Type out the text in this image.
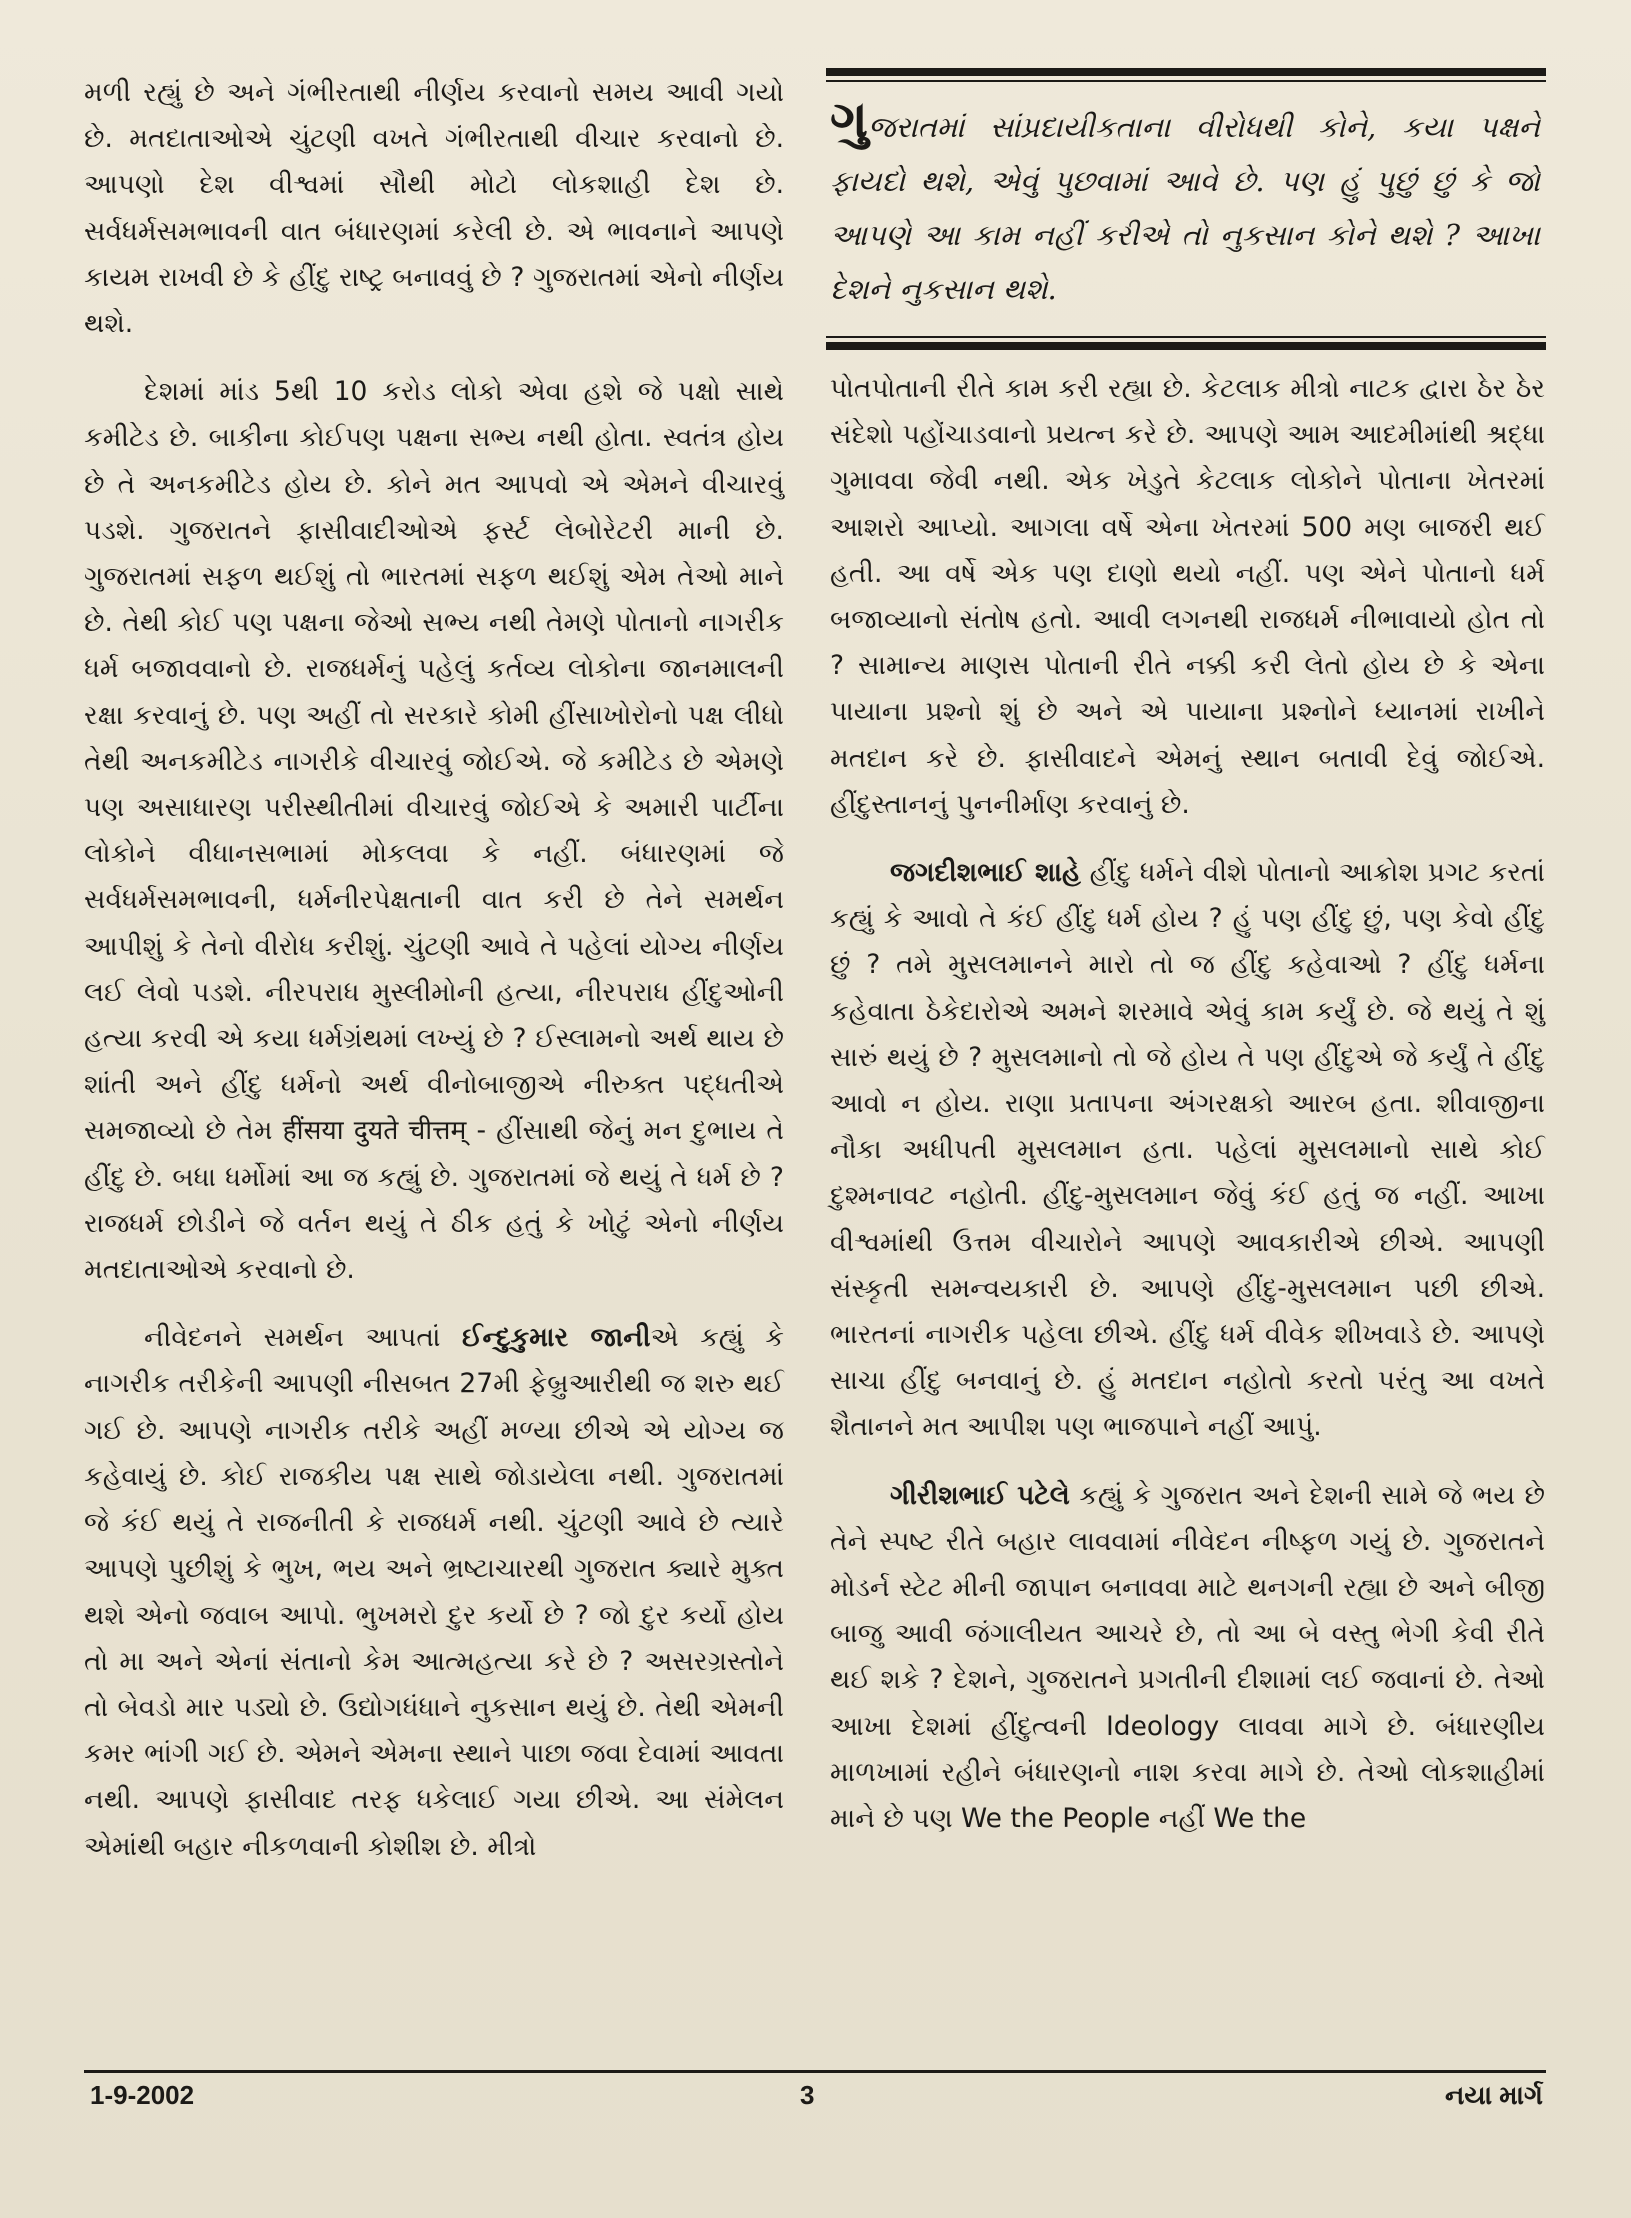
મળી રહ્યું છે અને ગંભીરતાથી નીર્ણય કરવાનો સમય આવી ગયો છે. મતદાતાઓએ ચુંટણી વખતે ગંભીરતાથી વીચાર કરવાનો છે. આપણો દેશ વીશ્વમાં સૌથી મોટો લોકશાહી દેશ છે. સર્વધર્મસમભાવની વાત બંધારણમાં કરેલી છે. એ ભાવનાને આપણે કાયમ રાખવી છે કે હીંદુ રાષ્ટ્ર બનાવવું છે ? ગુજરાતમાં એનો નીર્ણય થશે.

દેશમાં માંડ 5થી 10 કરોડ લોકો એવા હશે જે પક્ષો સાથે કમીટેડ છે. બાકીના કોઈપણ પક્ષના સભ્ય નથી હોતા. સ્વતંત્ર હોય છે તે અનકમીટેડ હોય છે. કોને મત આપવો એ એમને વીચારવું પડશે. ગુજરાતને ફાસીવાદીઓએ ફર્સ્ટ લેબોરેટરી માની છે. ગુજરાતમાં સફળ થઈશું તો ભારતમાં સફળ થઈશું એમ તેઓ માને છે. તેથી કોઈ પણ પક્ષના જેઓ સભ્ય નથી તેમણે પોતાનો નાગરીક ધર્મ બજાવવાનો છે. રાજધર્મનું પહેલું કર્તવ્ય લોકોના જાનમાલની રક્ષા કરવાનું છે. પણ અહીં તો સરકારે કોમી હીંસાખોરોનો પક્ષ લીધો તેથી અનકમીટેડ નાગરીકે વીચારવું જોઈએ. જે કમીટેડ છે એમણે પણ અસાધારણ પરીસ્થીતીમાં વીચારવું જોઈએ કે અમારી પાર્ટીના લોકોને વીધાનસભામાં મોકલવા કે નહીં. બંધારણમાં જે સર્વધર્મસમભાવની, ધર્મનીરપેક્ષતાની વાત કરી છે તેને સમર્થન આપીશું કે તેનો વીરોધ કરીશું. ચુંટણી આવે તે પહેલાં યોગ્ય નીર્ણય લઈ લેવો પડશે. નીરપરાધ મુસ્લીમોની હત્યા, નીરપરાધ હીંદુઓની હત્યા કરવી એ કયા ધર્મગ્રંથમાં લખ્યું છે ? ઈસ્લામનો અર્થ થાય છે શાંતી અને હીંદુ ધર્મનો અર્થ વીનોબાજીએ નીરુક્ત પદ્ધતીએ સમજાવ્યો છે તેમ हींसया दुयते चीत्तम् - હીંસાથી જેનું મન દુભાય તે હીંદુ છે. બધા ધર્મોમાં આ જ કહ્યું છે. ગુજરાતમાં જે થયું તે ધર્મ છે ? રાજધર્મ છોડીને જે વર્તન થયું તે ઠીક હતું કે ખોટું એનો નીર્ણય મતદાતાઓએ કરવાનો છે.

નીવેદનને સમર્થન આપતાં ઈન્દુકુમાર જાનીએ કહ્યું કે નાગરીક તરીકેની આપણી નીસબત 27મી ફેબ્રુઆરીથી જ શરુ થઈ ગઈ છે. આપણે નાગરીક તરીકે અહીં મળ્યા છીએ એ યોગ્ય જ કહેવાયું છે. કોઈ રાજકીય પક્ષ સાથે જોડાયેલા નથી. ગુજરાતમાં જે કંઈ થયું તે રાજનીતી કે રાજધર્મ નથી. ચુંટણી આવે છે ત્યારે આપણે પુછીશું કે ભુખ, ભય અને ભ્રષ્ટાચારથી ગુજરાત ક્યારે મુક્ત થશે એનો જવાબ આપો. ભુખમરો દુર કર્યો છે ? જો દુર કર્યો હોય તો મા અને એનાં સંતાનો કેમ આત્મહત્યા કરે છે ? અસરગ્રસ્તોને તો બેવડો માર પડ્યો છે. ઉદ્યોગધંધાને નુકસાન થયું છે. તેથી એમની કમર ભાંગી ગઈ છે. એમને એમના સ્થાને પાછા જવા દેવામાં આવતા નથી. આપણે ફાસીવાદ તરફ ધકેલાઈ ગયા છીએ. આ સંમેલન એમાંથી બહાર નીકળવાની કોશીશ છે. મીત્રો

ગુજરાતમાં સાંપ્રદાયીકતાના વીરોધથી કોને, કયા પક્ષને ફાયદો થશે, એવું પુછવામાં આવે છે. પણ હું પુછું છું કે જો આપણે આ કામ નહીં કરીએ તો નુકસાન કોને થશે ? આખા દેશને નુકસાન થશે.

પોતપોતાની રીતે કામ કરી રહ્યા છે. કેટલાક મીત્રો નાટક દ્વારા ઠેર ઠેર સંદેશો પહોંચાડવાનો પ્રયત્ન કરે છે. આપણે આમ આદમીમાંથી શ્રદ્ધા ગુમાવવા જેવી નથી. એક ખેડુતે કેટલાક લોકોને પોતાના ખેતરમાં આશરો આપ્યો. આગલા વર્ષે એના ખેતરમાં 500 મણ બાજરી થઈ હતી. આ વર્ષે એક પણ દાણો થયો નહીં. પણ એને પોતાનો ધર્મ બજાવ્યાનો સંતોષ હતો. આવી લગનથી રાજધર્મ નીભાવાયો હોત તો ? સામાન્ય માણસ પોતાની રીતે નક્કી કરી લેતો હોય છે કે એના પાયાના પ્રશ્નો શું છે અને એ પાયાના પ્રશ્નોને ધ્યાનમાં રાખીને મતદાન કરે છે. ફાસીવાદને એમનું સ્થાન બતાવી દેવું જોઈએ. હીંદુસ્તાનનું પુનનીર્માણ કરવાનું છે.

જગદીશભાઈ શાહે હીંદુ ધર્મને વીશે પોતાનો આક્રોશ પ્રગટ કરતાં કહ્યું કે આવો તે કંઈ હીંદુ ધર્મ હોય ? હું પણ હીંદુ છું, પણ કેવો હીંદુ છું ? તમે મુસલમાનને મારો તો જ હીંદુ કહેવાઓ ? હીંદુ ધર્મના કહેવાતા ઠેકેદારોએ અમને શરમાવે એવું કામ કર્યું છે. જે થયું તે શું સારું થયું છે ? મુસલમાનો તો જે હોય તે પણ હીંદુએ જે કર્યું તે હીંદુ આવો ન હોય. રાણા પ્રતાપના અંગરક્ષકો આરબ હતા. શીવાજીના નૌકા અધીપતી મુસલમાન હતા. પહેલાં મુસલમાનો સાથે કોઈ દુશ્મનાવટ નહોતી. હીંદુ-મુસલમાન જેવું કંઈ હતું જ નહીં. આખા વીશ્વમાંથી ઉત્તમ વીચારોને આપણે આવકારીએ છીએ. આપણી સંસ્કૃતી સમન્વયકારી છે. આપણે હીંદુ-મુસલમાન પછી છીએ. ભારતનાં નાગરીક પહેલા છીએ. હીંદુ ધર્મ વીવેક શીખવાડે છે. આપણે સાચા હીંદુ બનવાનું છે. હું મતદાન નહોતો કરતો પરંતુ આ વખતે શૈતાનને મત આપીશ પણ ભાજપાને નહીં આપું.

ગીરીશભાઈ પટેલે કહ્યું કે ગુજરાત અને દેશની સામે જે ભય છે તેને સ્પષ્ટ રીતે બહાર લાવવામાં નીવેદન નીષ્ફળ ગયું છે. ગુજરાતને મોડર્ન સ્ટેટ મીની જાપાન બનાવવા માટે થનગની રહ્યા છે અને બીજી બાજુ આવી જંગાલીયત આચરે છે, તો આ બે વસ્તુ ભેગી કેવી રીતે થઈ શકે ? દેશને, ગુજરાતને પ્રગતીની દીશામાં લઈ જવાનાં છે. તેઓ આખા દેશમાં હીંદુત્વની Ideology લાવવા માગે છે. બંધારણીય માળખામાં રહીને બંધારણનો નાશ કરવા માગે છે. તેઓ લોકશાહીમાં માને છે પણ We the People નહીં We the

1-9-2002	3	નયા માર્ગ
